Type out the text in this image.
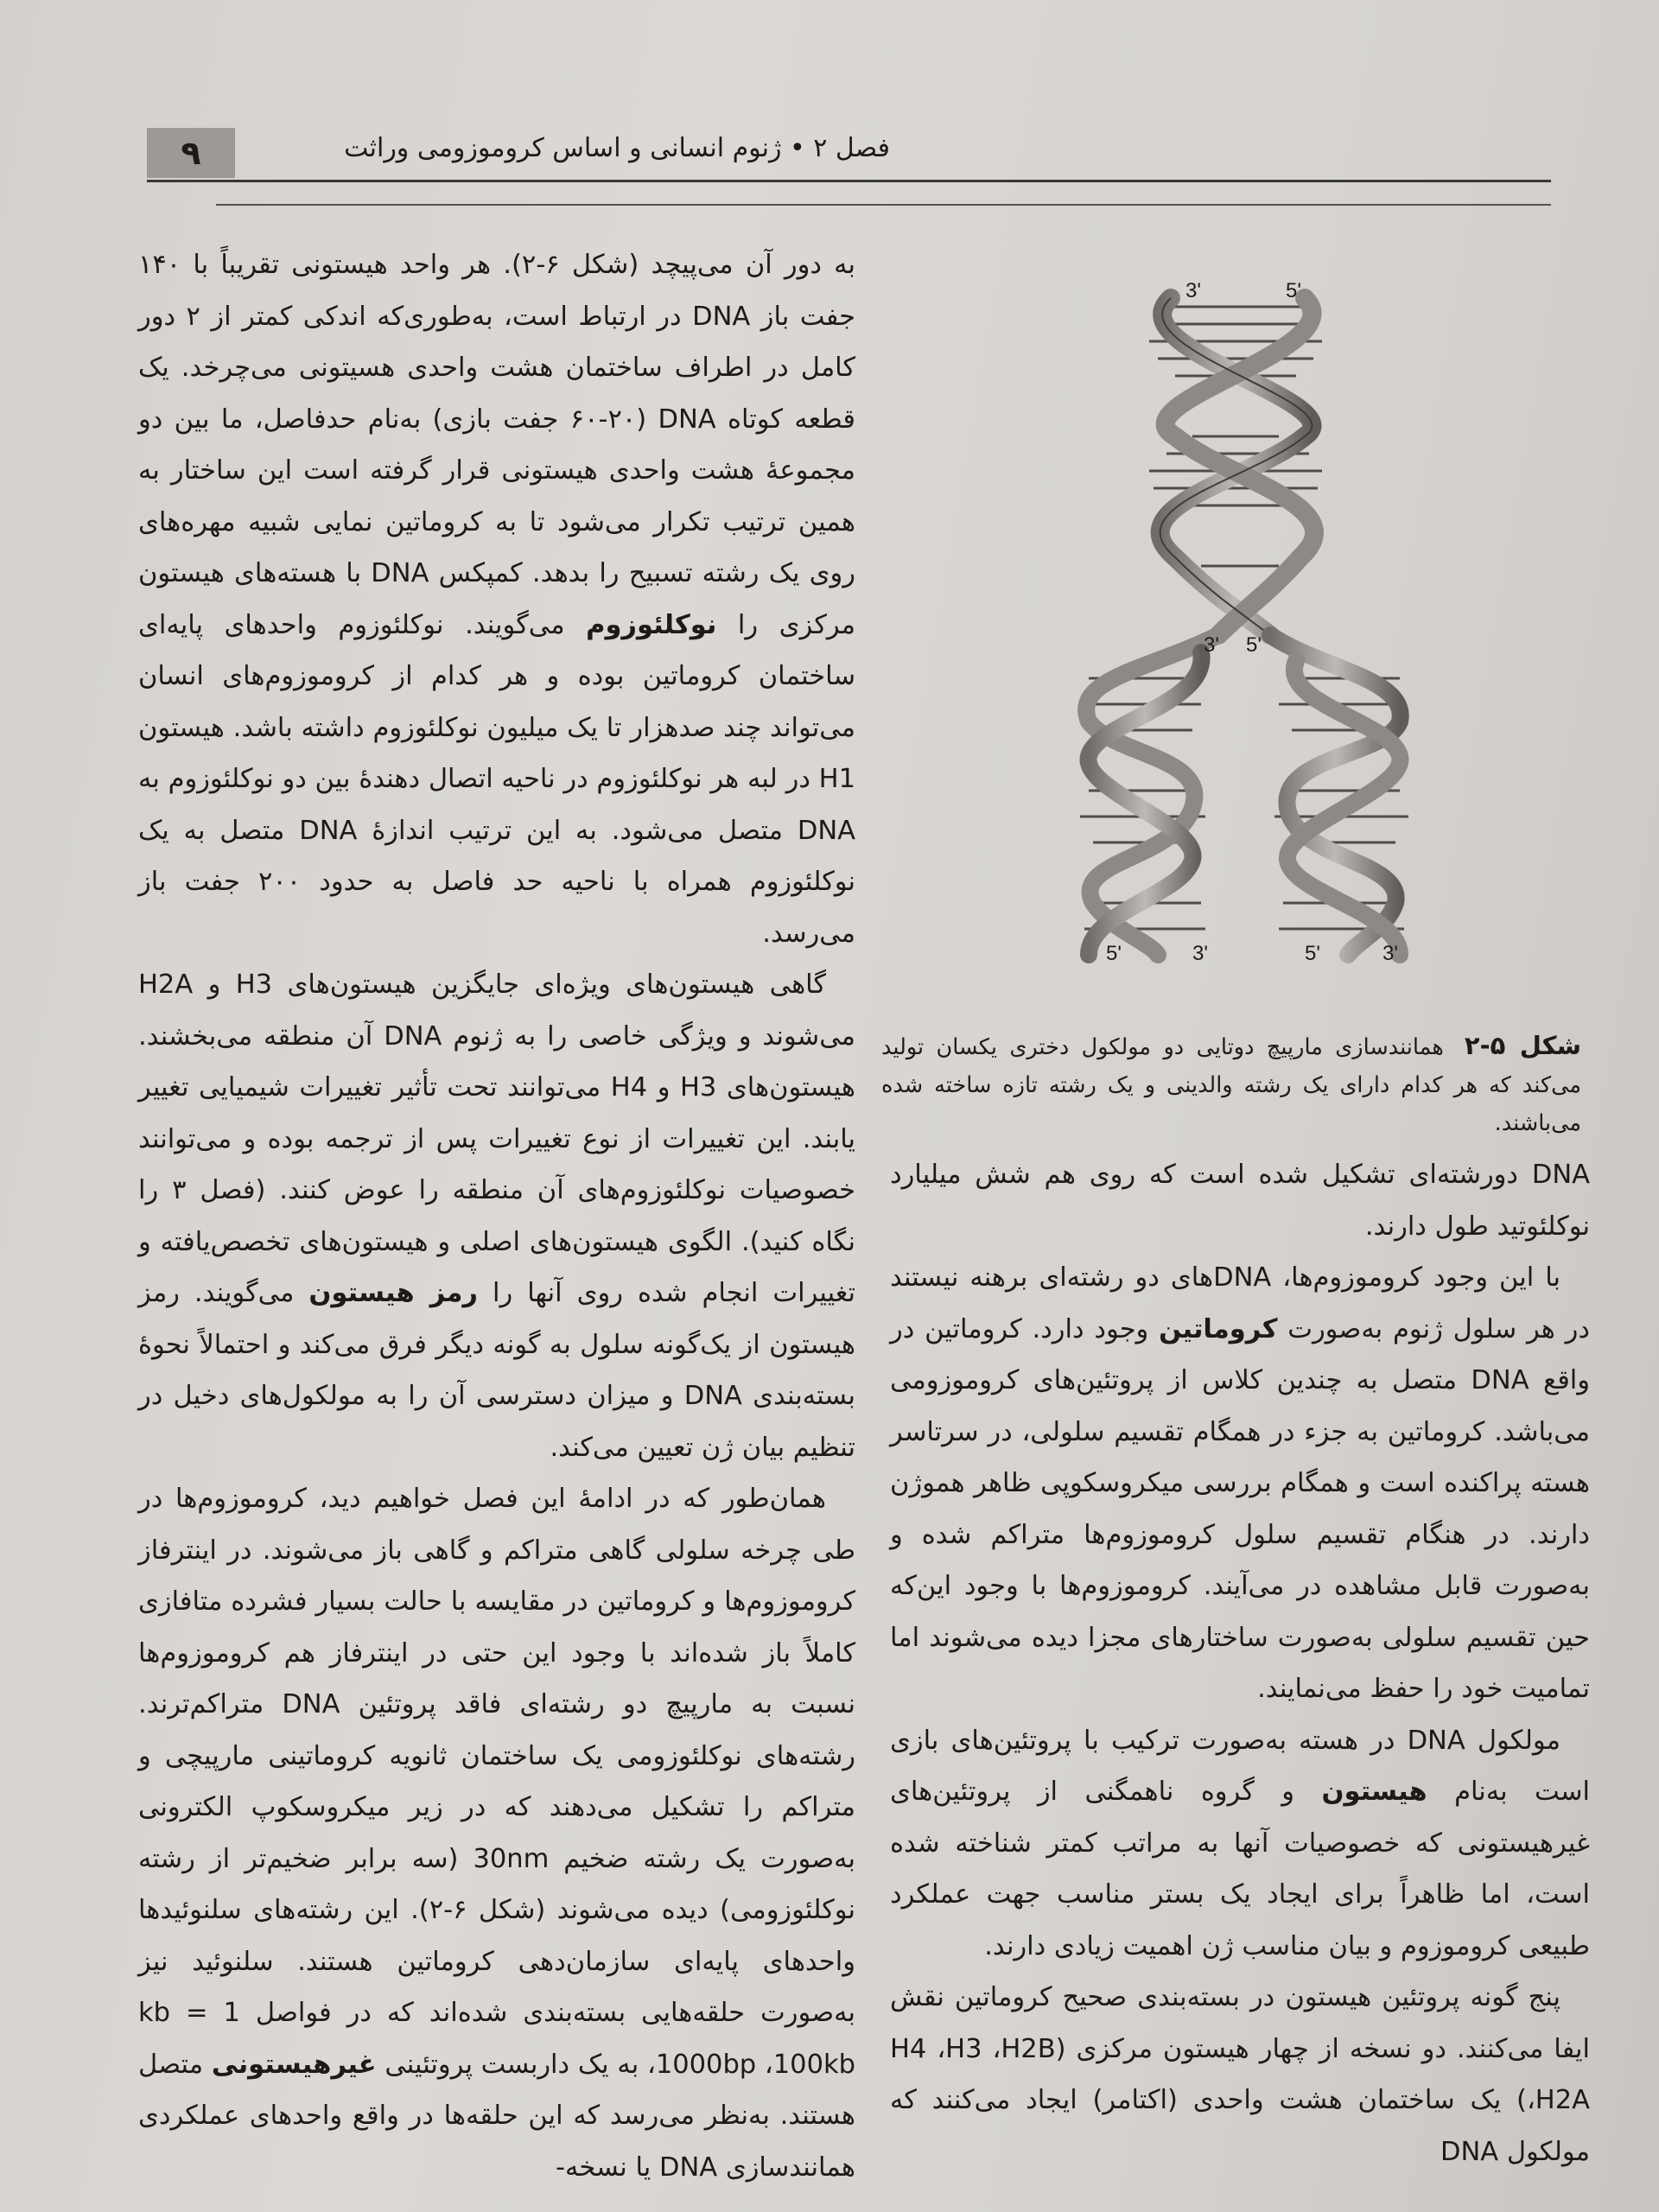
۹	فصل ۲ • ژنوم انسانی و اساس کروموزومی وراثت
3'	5'
3' 5'
5'	3'	5'	3'
شکل ۵-۲همانندسازی مارپیچ دوتایی دو مولکول دختری یکسان تولید می‌کند که هر کدام دارای یک رشته والدینی و یک رشته تازه ساخته شده می‌باشند.

به دور آن می‌پیچد (شکل ۶-۲). هر واحد هیستونی تقریباً با ۱۴۰ جفت باز DNA در ارتباط است، به‌طوری‌که اندکی کمتر از ۲ دور کامل در اطراف ساختمان هشت واحدی هسیتونی می‌چرخد. یک قطعه کوتاه DNA (۶۰-۲۰ جفت بازی) به‌نام حدفاصل، ما بین دو مجموعهٔ هشت واحدی هیستونی قرار گرفته است این ساختار به همین ترتیب تکرار می‌شود تا به کروماتین نمایی شبیه مهره‌های روی یک رشته تسبیح را بدهد. کمپکس DNA با هسته‌های هیستون مرکزی را نوکلئوزوم می‌گویند. نوکلئوزوم واحدهای پایه‌ای ساختمان کروماتین بوده و هر کدام از کروموزوم‌های انسان می‌تواند چند صدهزار تا یک میلیون نوکلئوزوم داشته باشد. هیستون H1 در لبه هر نوکلئوزوم در ناحیه اتصال دهندهٔ بین دو نوکلئوزوم به DNA متصل می‌شود. به این ترتیب اندازهٔ DNA متصل به یک نوکلئوزوم همراه با ناحیه حد فاصل به حدود ۲۰۰ جفت باز می‌رسد.

گاهی هیستون‌های ویژه‌ای جایگزین هیستون‌های H3 و H2A می‌شوند و ویژگی خاصی را به ژنوم DNA آن منطقه می‌بخشند. هیستون‌های H3 و H4 می‌توانند تحت تأثیر تغییرات شیمیایی تغییر یابند. این تغییرات از نوع تغییرات پس از ترجمه بوده و می‌توانند خصوصیات نوکلئوزوم‌های آن منطقه را عوض کنند. (فصل ۳ را نگاه کنید). الگوی هیستون‌های اصلی و هیستون‌های تخصص‌یافته و تغییرات انجام شده روی آنها را رمز هیستون می‌گویند. رمز هیستون از یک‌گونه سلول به گونه دیگر فرق می‌کند و احتمالاً نحوهٔ بسته‌بندی DNA و میزان دسترسی آن را به مولکول‌های دخیل در تنظیم بیان ژن تعیین می‌کند.

همان‌طور که در ادامهٔ این فصل خواهیم دید، کروموزوم‌ها در طی چرخه سلولی گاهی متراکم و گاهی باز می‌شوند. در اینترفاز کروموزوم‌ها و کروماتین در مقایسه با حالت بسیار فشرده متافازی کاملاً باز شده‌اند با وجود این حتی در اینترفاز هم کروموزوم‌ها نسبت به مارپیچ دو رشته‌ای فاقد پروتئین DNA متراکم‌ترند. رشته‌های نوکلئوزومی یک ساختمان ثانویه کروماتینی مارپیچی و متراکم را تشکیل می‌دهند که در زیر میکروسکوپ الکترونی به‌صورت یک رشته ضخیم 30nm (سه برابر ضخیم‌تر از رشته نوکلئوزومی) دیده می‌شوند (شکل ۶-۲). این رشته‌های سلنوئیدها واحدهای پایه‌ای سازمان‌دهی کروماتین هستند. سلنوئید نیز به‌صورت حلقه‌هایی بسته‌بندی شده‌اند که در فواصل 1 kb = 1000bp ،100kb، به یک داربست پروتئینی غیرهیستونی متصل هستند. به‌نظر می‌رسد که این حلقه‌ها در واقع واحدهای عملکردی همانندسازی DNA یا نسخه-

DNA دورشته‌ای تشکیل شده است که روی هم شش میلیارد نوکلئوتید طول دارند.

با این وجود کروموزوم‌ها، DNAهای دو رشته‌ای برهنه نیستند در هر سلول ژنوم به‌صورت کروماتین وجود دارد. کروماتین در واقع DNA متصل به چندین کلاس از پروتئین‌های کروموزومی می‌باشد. کروماتین به جزء در همگام تقسیم سلولی، در سرتاسر هسته پراکنده است و همگام بررسی میکروسکوپی ظاهر هموژن دارند. در هنگام تقسیم سلول کروموزوم‌ها متراکم شده و به‌صورت قابل مشاهده در می‌آیند. کروموزوم‌ها با وجود این‌که حین تقسیم سلولی به‌صورت ساختارهای مجزا دیده می‌شوند اما تمامیت خود را حفظ می‌نمایند.

مولکول DNA در هسته به‌صورت ترکیب با پروتئین‌های بازی است به‌نام هیستون و گروه ناهمگنی از پروتئین‌های غیرهیستونی که خصوصیات آنها به مراتب کمتر شناخته شده است، اما ظاهراً برای ایجاد یک بستر مناسب جهت عملکرد طبیعی کروموزوم و بیان مناسب ژن اهمیت زیادی دارند.

پنج گونه پروتئین هیستون در بسته‌بندی صحیح کروماتین نقش ایفا می‌کنند. دو نسخه از چهار هیستون مرکزی (H4 ،H3 ،H2B ،H2A) یک ساختمان هشت واحدی (اکتامر) ایجاد می‌کنند که مولکول DNA
